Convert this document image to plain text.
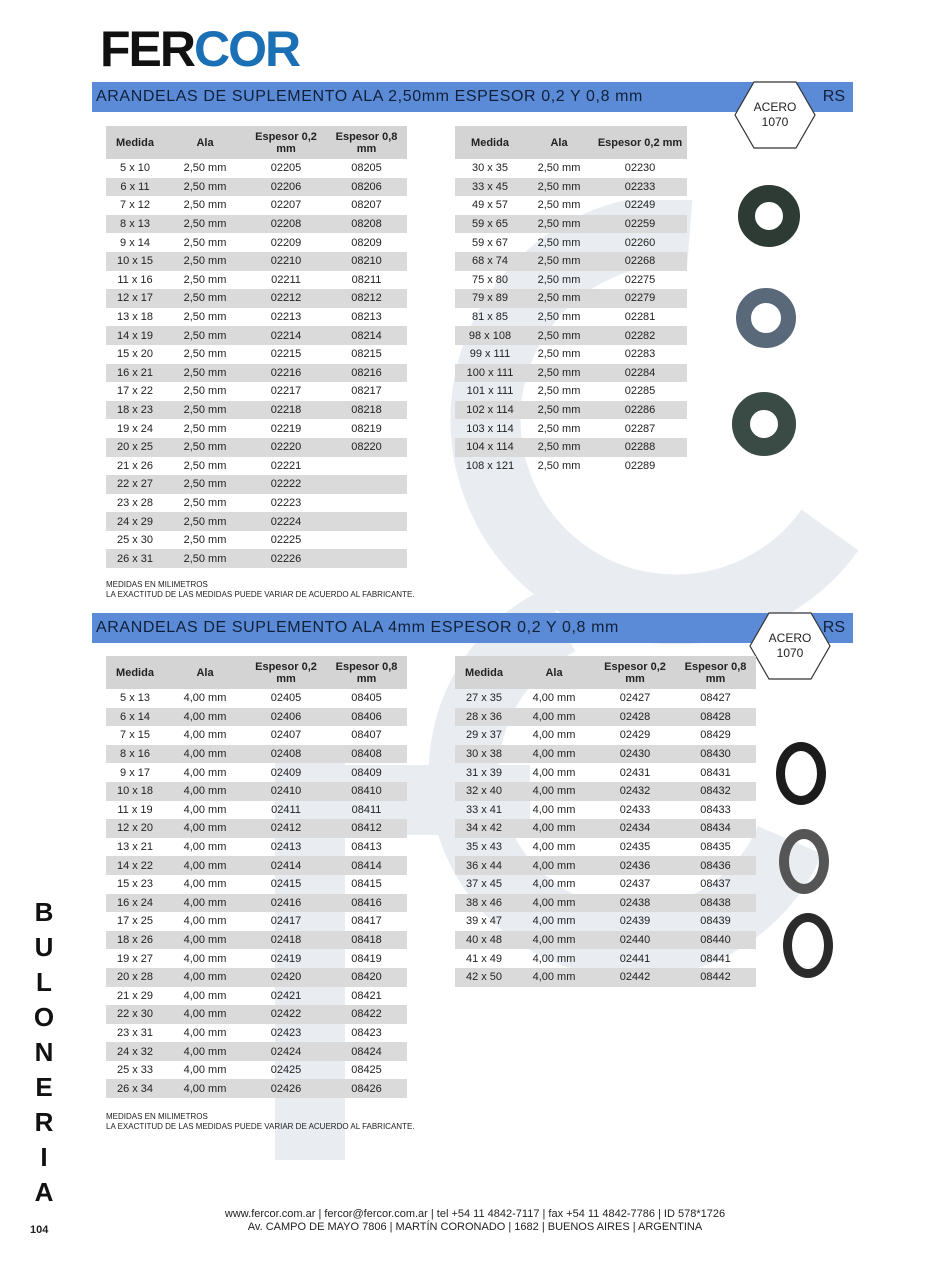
FERCOR
ARANDELAS DE SUPLEMENTO ALA 2,50mm ESPESOR 0,2 Y 0,8 mm	RS
ACERO
1070
Medida	Ala	Espesor 0,2 mm	Espesor 0,8 mm
5 x 10	2,50 mm	02205	08205
6 x 11	2,50 mm	02206	08206
7 x 12	2,50 mm	02207	08207
8 x 13	2,50 mm	02208	08208
9 x 14	2,50 mm	02209	08209
10 x 15	2,50 mm	02210	08210
11 x 16	2,50 mm	02211	08211
12 x 17	2,50 mm	02212	08212
13 x 18	2,50 mm	02213	08213
14 x 19	2,50 mm	02214	08214
15 x 20	2,50 mm	02215	08215
16 x 21	2,50 mm	02216	08216
17 x 22	2,50 mm	02217	08217
18 x 23	2,50 mm	02218	08218
19 x 24	2,50 mm	02219	08219
20 x 25	2,50 mm	02220	08220
21 x 26	2,50 mm	02221	
22 x 27	2,50 mm	02222	
23 x 28	2,50 mm	02223	
24 x 29	2,50 mm	02224	
25 x 30	2,50 mm	02225	
26 x 31	2,50 mm	02226	
Medida	Ala	Espesor 0,2 mm
30 x 35	2,50 mm	02230
33 x 45	2,50 mm	02233
49 x 57	2,50 mm	02249
59 x 65	2,50 mm	02259
59 x 67	2,50 mm	02260
68 x 74	2,50 mm	02268
75 x 80	2,50 mm	02275
79 x 89	2,50 mm	02279
81 x 85	2,50 mm	02281
98 x 108	2,50 mm	02282
99 x 111	2,50 mm	02283
100 x 111	2,50 mm	02284
101 x 111	2,50 mm	02285
102 x 114	2,50 mm	02286
103 x 114	2,50 mm	02287
104 x 114	2,50 mm	02288
108 x 121	2,50 mm	02289
MEDIDAS EN MILIMETROS
LA EXACTITUD DE LAS MEDIDAS PUEDE VARIAR DE ACUERDO AL FABRICANTE.
ARANDELAS DE SUPLEMENTO ALA 4mm ESPESOR 0,2 Y 0,8 mm	RS
ACERO
1070
Medida	Ala	Espesor 0,2 mm	Espesor 0,8 mm
5 x 13	4,00 mm	02405	08405
6 x 14	4,00 mm	02406	08406
7 x 15	4,00 mm	02407	08407
8 x 16	4,00 mm	02408	08408
9 x 17	4,00 mm	02409	08409
10 x 18	4,00 mm	02410	08410
11 x 19	4,00 mm	02411	08411
12 x 20	4,00 mm	02412	08412
13 x 21	4,00 mm	02413	08413
14 x 22	4,00 mm	02414	08414
15 x 23	4,00 mm	02415	08415
16 x 24	4,00 mm	02416	08416
17 x 25	4,00 mm	02417	08417
18 x 26	4,00 mm	02418	08418
19 x 27	4,00 mm	02419	08419
20 x 28	4,00 mm	02420	08420
21 x 29	4,00 mm	02421	08421
22 x 30	4,00 mm	02422	08422
23 x 31	4,00 mm	02423	08423
24 x 32	4,00 mm	02424	08424
25 x 33	4,00 mm	02425	08425
26 x 34	4,00 mm	02426	08426
Medida	Ala	Espesor 0,2 mm	Espesor 0,8 mm
27 x 35	4,00 mm	02427	08427
28 x 36	4,00 mm	02428	08428
29 x 37	4,00 mm	02429	08429
30 x 38	4,00 mm	02430	08430
31 x 39	4,00 mm	02431	08431
32 x 40	4,00 mm	02432	08432
33 x 41	4,00 mm	02433	08433
34 x 42	4,00 mm	02434	08434
35 x 43	4,00 mm	02435	08435
36 x 44	4,00 mm	02436	08436
37 x 45	4,00 mm	02437	08437
38 x 46	4,00 mm	02438	08438
39 x 47	4,00 mm	02439	08439
40 x 48	4,00 mm	02440	08440
41 x 49	4,00 mm	02441	08441
42 x 50	4,00 mm	02442	08442
MEDIDAS EN MILIMETROS
LA EXACTITUD DE LAS MEDIDAS PUEDE VARIAR DE ACUERDO AL FABRICANTE.
B
U
L
O
N
E
R
I
A
www.fercor.com.ar | fercor@fercor.com.ar | tel +54 11 4842-7117 | fax +54 11 4842-7786 | ID 578*1726
Av. CAMPO DE MAYO 7806 | MARTÍN CORONADO | 1682 | BUENOS AIRES | ARGENTINA
104
